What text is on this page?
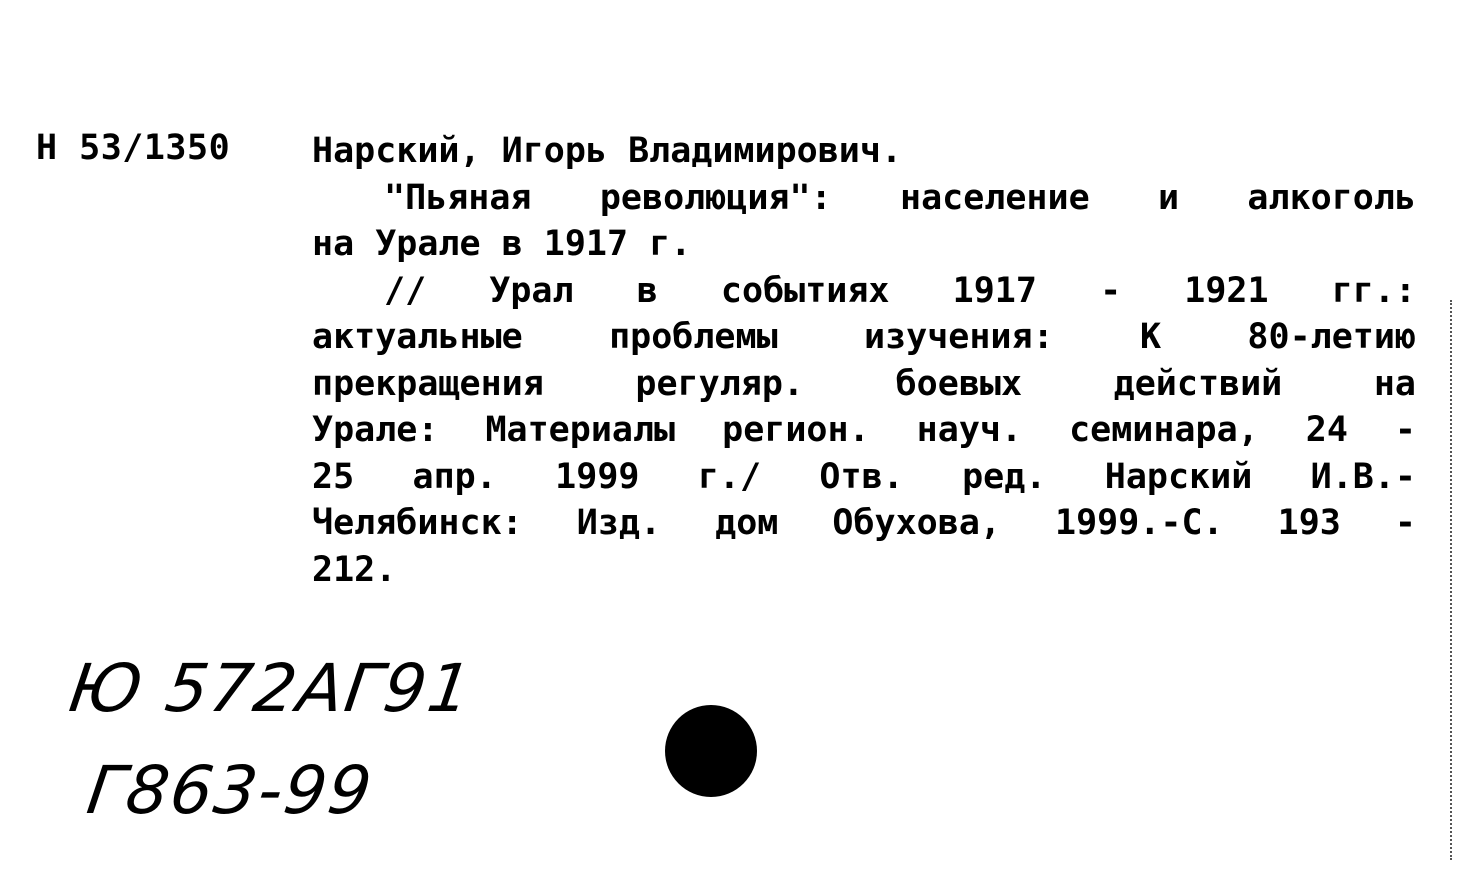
Н 53/1350 Нарский, Игорь Владимирович.
"Пьяная революция": население и алкоголь
на Урале в 1917 г.
// Урал в событиях 1917 - 1921 гг.:
актуальные проблемы изучения: К 80-летию
прекращения регуляр. боевых действий на
Урале: Материалы регион. науч. семинара, 24 -
25 апр. 1999 г./ Отв. ред. Нарский И.В.-
Челябинск: Изд. дом Обухова, 1999.-С. 193 -
212.
Ю 572АГ91
Г863-99
